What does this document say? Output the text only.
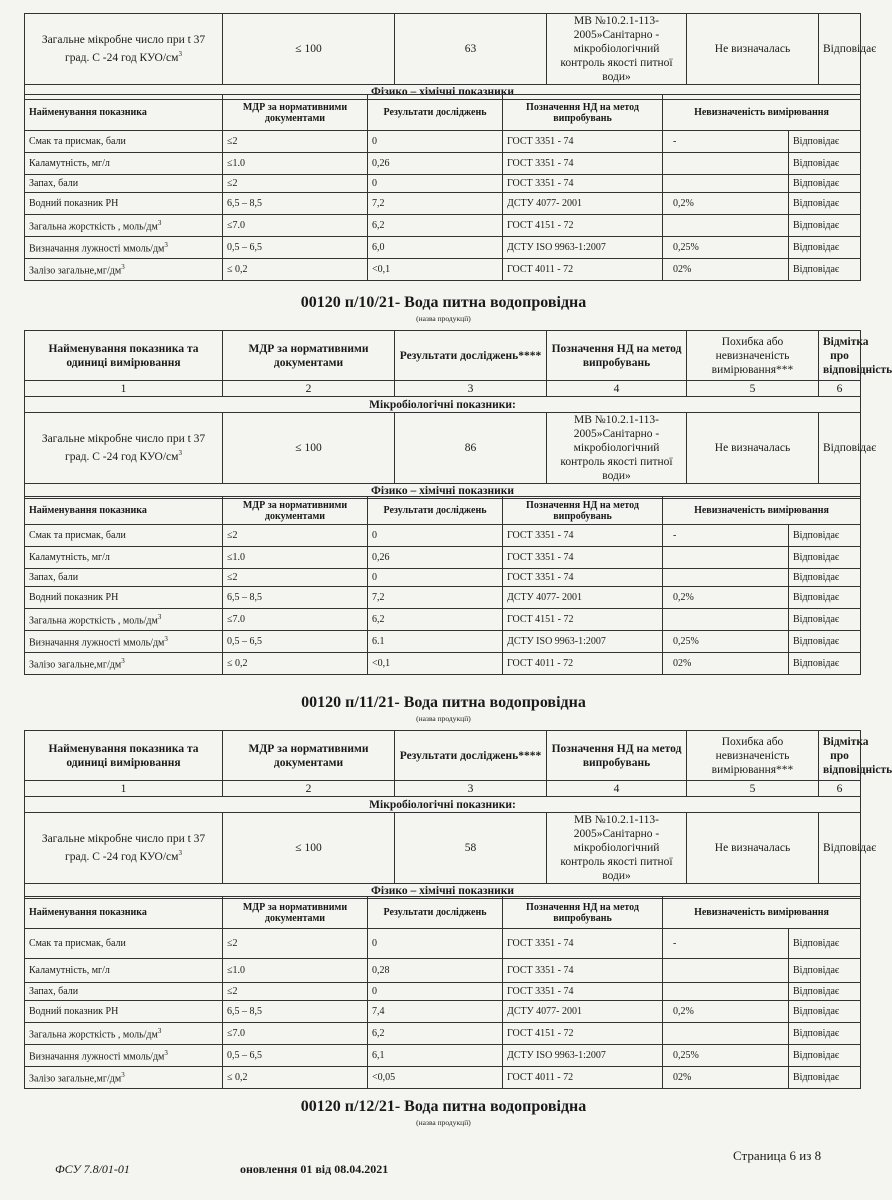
Загальне мікробне число при t 37 град. С -24 год КУО/$см^3$	≤ 100	63	МВ №10.2.1-113-2005»Санітарно - мікробіологічний контроль якості питної води»	Не визначалась	Відповідає
Фізико – хімічні показники
Найменування показника	МДР за нормативними документами	Результати досліджень	Позначення НД на метод випробувань	Невизначеність вимірювання	
Смак та присмак, бали	≤2	0	ГОСТ 3351 - 74	-	Відповідає
Каламутність, мг/л	≤1.0	0,26	ГОСТ 3351 - 74		Відповідає
Запах, бали	≤2	0	ГОСТ 3351 - 74		Відповідає
Водний показник РН	6,5 – 8,5	7,2	ДСТУ 4077- 2001	0,2%	Відповідає
Загальна жорсткість , моль/$дм^3$	≤7.0	6,2	ГОСТ 4151 - 72		Відповідає
Визначання лужності ммоль/$дм^3$	0,5 – 6,5	6,0	ДСТУ ISO 9963-1:2007	0,25%	Відповідає
Залізо $загальне,мг/дм^3$	≤ 0,2	<0,1	ГОСТ 4011 - 72	02%	Відповідає
00120 п/10/21- Вода питна водопровідна
(назва продукції)
Найменування показника та одиниці вимірювання	МДР за нормативними документами	Результати досліджень****	Позначення НД на метод випробувань	Похибка або невизначеність вимірювання***	Відмітка про відповідність
1	2	3	4	5	6
Мікробіологічні показники:					
Загальне мікробне число при t 37 град. С -24 год КУО/$см^3$	≤ 100	86	МВ №10.2.1-113-2005»Санітарно - мікробіологічний контроль якості питної води»	Не визначалась	Відповідає
Фізико – хімічні показники					
Найменування показника	МДР за нормативними документами	Результати досліджень	Позначення НД на метод випробувань	Невизначеність вимірювання	
Смак та присмак, бали	≤2	0	ГОСТ 3351 - 74	-	Відповідає
Каламутність, мг/л	≤1.0	0,26	ГОСТ 3351 - 74		Відповідає
Запах, бали	≤2	0	ГОСТ 3351 - 74		Відповідає
Водний показник РН	6,5 – 8,5	7,2	ДСТУ 4077- 2001	0,2%	Відповідає
Загальна жорсткість , моль/$дм^3$	≤7.0	6,2	ГОСТ 4151 - 72		Відповідає
Визначання лужності ммоль/$дм^3$	0,5 – 6,5	6.1	ДСТУ ISO 9963-1:2007	0,25%	Відповідає
Залізо $загальне,мг/дм^3$	≤ 0,2	<0,1	ГОСТ 4011 - 72	02%	Відповідає
00120 п/11/21- Вода питна водопровідна
(назва продукції)
Найменування показника та одиниці вимірювання	МДР за нормативними документами	Результати досліджень****	Позначення НД на метод випробувань	Похибка або невизначеність вимірювання***	Відмітка про відповідність
1	2	3	4	5	6
Мікробіологічні показники:					
Загальне мікробне число при t 37 град. С -24 год КУО/$см^3$	≤ 100	58	МВ №10.2.1-113-2005»Санітарно - мікробіологічний контроль якості питної води»	Не визначалась	Відповідає
Фізико – хімічні показники					
Найменування показника	МДР за нормативними документами	Результати досліджень	Позначення НД на метод випробувань	Невизначеність вимірювання	
Смак та присмак, бали	≤2	0	ГОСТ 3351 - 74	-	Відповідає
Каламутність, мг/л	≤1.0	0,28	ГОСТ 3351 - 74		Відповідає
Запах, бали	≤2	0	ГОСТ 3351 - 74		Відповідає
Водний показник РН	6,5 – 8,5	7,4	ДСТУ 4077- 2001	0,2%	Відповідає
Загальна жорсткість , моль/$дм^3$	≤7.0	6,2	ГОСТ 4151 - 72		Відповідає
Визначання лужності ммоль/$дм^3$	0,5 – 6,5	6,1	ДСТУ ISO 9963-1:2007	0,25%	Відповідає
Залізо $загальне,мг/дм^3$	≤ 0,2	<0,05	ГОСТ 4011 - 72	02%	Відповідає
00120 п/12/21- Вода питна водопровідна
(назва продукції)
ФСУ 7.8/01-01	оновлення 01 від 08.04.2021
Страница 6 из 8
